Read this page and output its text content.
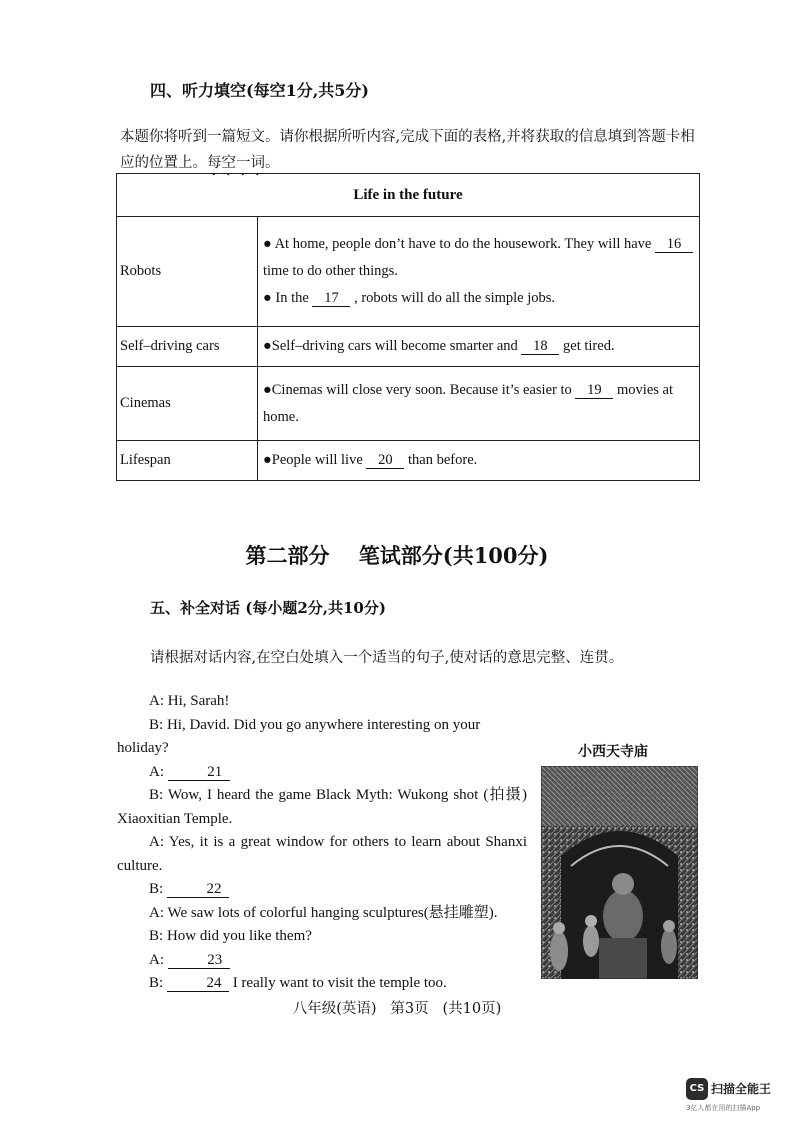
四、听力填空(每空1分,共5分)
本题你将听到一篇短文。请你根据所听内容,完成下面的表格,并将获取的信息填到答题卡相应的位置上。每空一词。
Life in the future	
Robots	● At home, people don’t have to do the housework. They will have 16 time to do other things.
● In the 17 , robots will do all the simple jobs.
Self–driving cars	●Self–driving cars will become smarter and 18 get tired.
Cinemas	●Cinemas will close very soon. Because it’s easier to 19 movies at home.
Lifespan	●People will live 20 than before.
第二部分    笔试部分(共100分)
五、补全对话 (每小题2分,共10分)
请根据对话内容,在空白处填入一个适当的句子,使对话的意思完整、连贯。
A: Hi, Sarah!
B: Hi, David. Did you go anywhere interesting on your holiday?
A:	21
B: Wow, I heard the game Black Myth: Wukong shot (拍摄) Xiaoxitian Temple.
A: Yes, it is a great window for others to learn about Shanxi culture.
B:	22
A: We saw lots of colorful hanging sculptures(悬挂雕塑).
B: How did you like them?
A:	23
B:	24 I really want to visit the temple too.
小西天寺庙
八年级(英语)   第3页   (共10页)
CS 扫描全能王
3亿人都在用的扫描App
